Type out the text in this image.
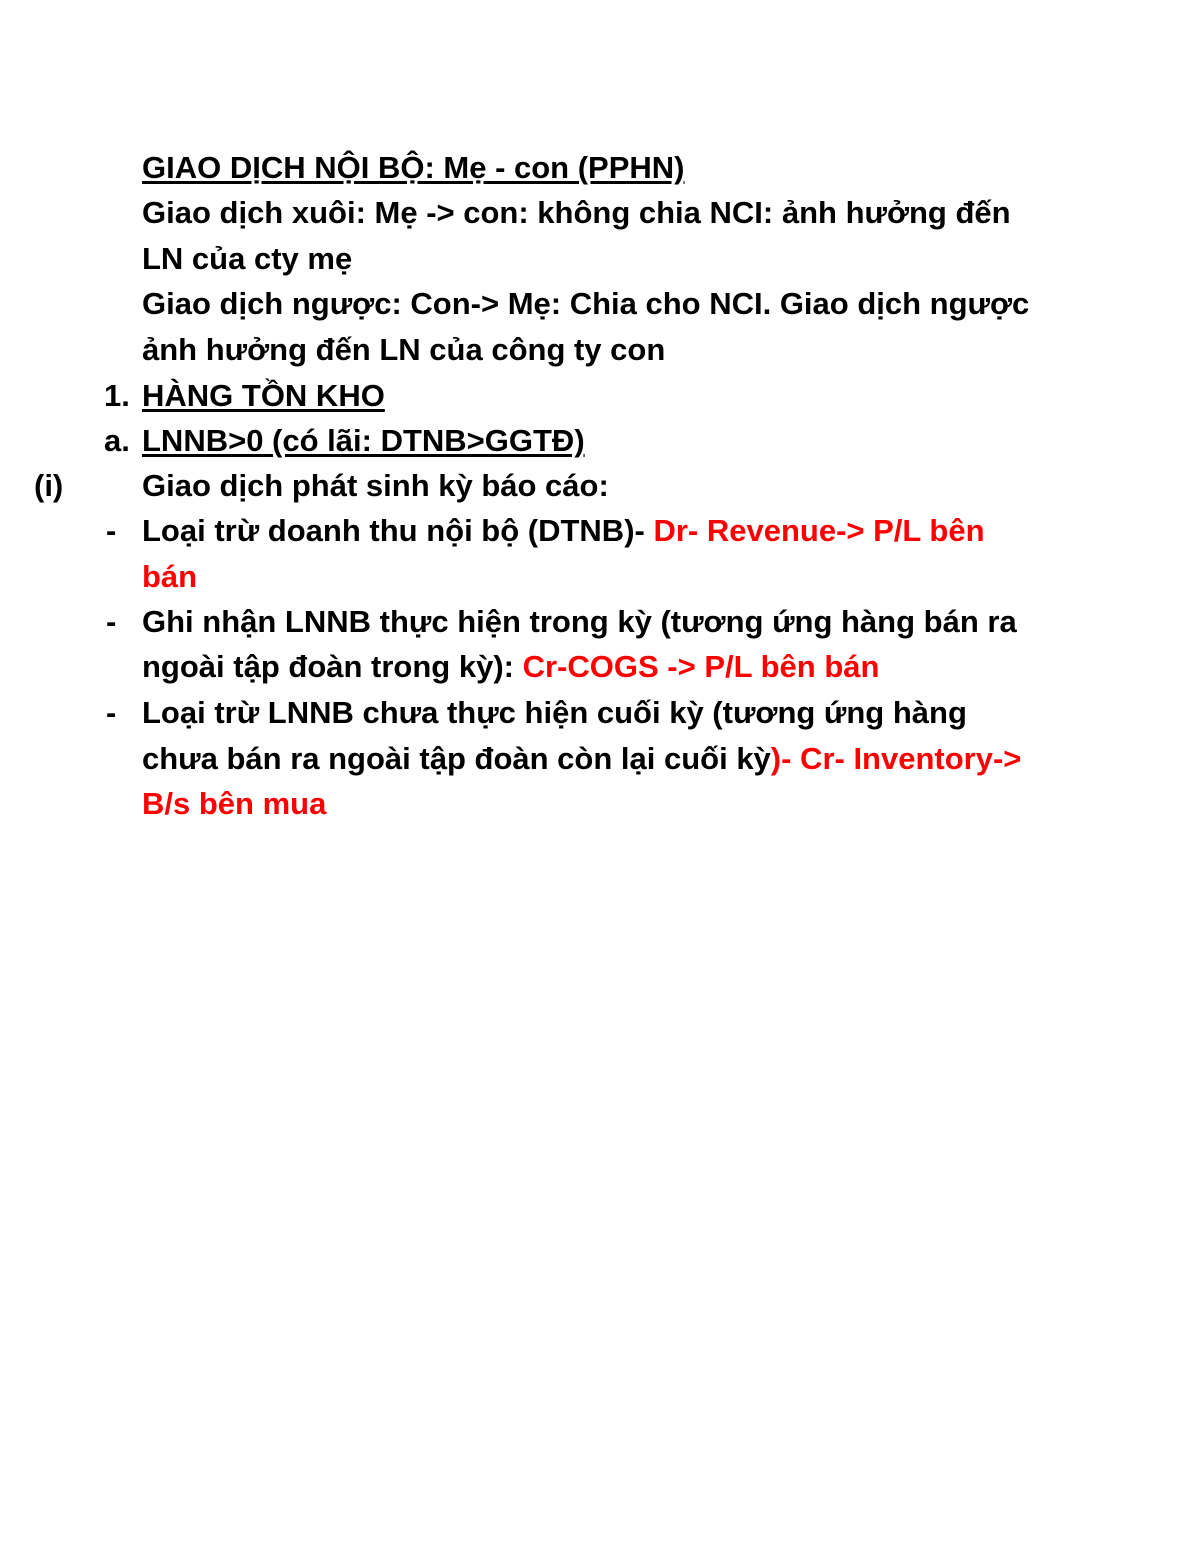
GIAO DỊCH NỘI BỘ: Mẹ - con (PPHN)
Giao dịch xuôi: Mẹ -> con: không chia NCI: ảnh hưởng đến
LN của cty mẹ
Giao dịch ngược: Con-> Mẹ: Chia cho NCI. Giao dịch ngược
ảnh hưởng đến LN của công ty con
1. HÀNG TỒN KHO
a. LNNB>0 (có lãi: DTNB>GGTĐ)
(i)	Giao dịch phát sinh kỳ báo cáo:
- Loại trừ doanh thu nội bộ (DTNB)- Dr- Revenue-> P/L bên
bán
- Ghi nhận LNNB thực hiện trong kỳ (tương ứng hàng bán ra
ngoài tập đoàn trong kỳ): Cr-COGS -> P/L bên bán
- Loại trừ LNNB chưa thực hiện cuối kỳ (tương ứng hàng
chưa bán ra ngoài tập đoàn còn lại cuối kỳ)- Cr- Inventory->
B/s bên mua
